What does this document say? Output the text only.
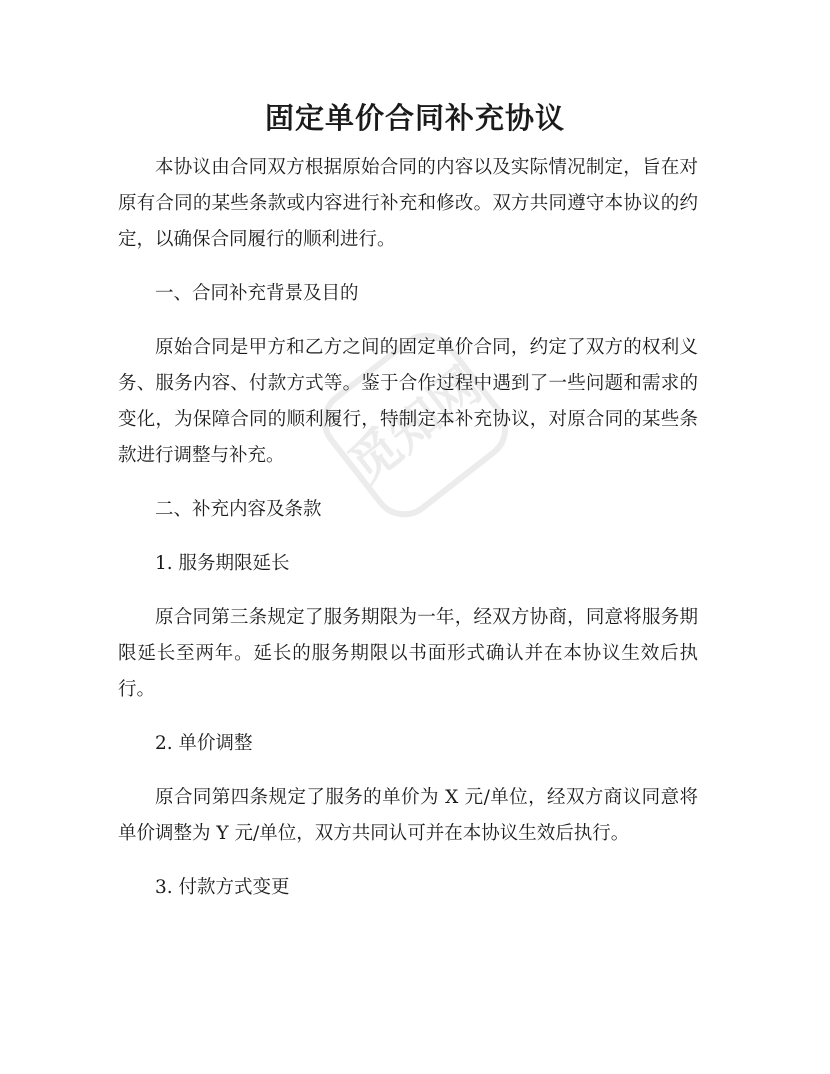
觅知网
固定单价合同补充协议

本协议由合同双方根据原始合同的内容以及实际情况制定，旨在对原有合同的某些条款或内容进行补充和修改。双方共同遵守本协议的约定，以确保合同履行的顺利进行。

一、合同补充背景及目的

原始合同是甲方和乙方之间的固定单价合同，约定了双方的权利义务、服务内容、付款方式等。鉴于合作过程中遇到了一些问题和需求的变化，为保障合同的顺利履行，特制定本补充协议，对原合同的某些条款进行调整与补充。

二、补充内容及条款

1. 服务期限延长

原合同第三条规定了服务期限为一年，经双方协商，同意将服务期限延长至两年。延长的服务期限以书面形式确认并在本协议生效后执行。

2. 单价调整

原合同第四条规定了服务的单价为 X 元/单位，经双方商议同意将单价调整为 Y 元/单位，双方共同认可并在本协议生效后执行。

3. 付款方式变更
